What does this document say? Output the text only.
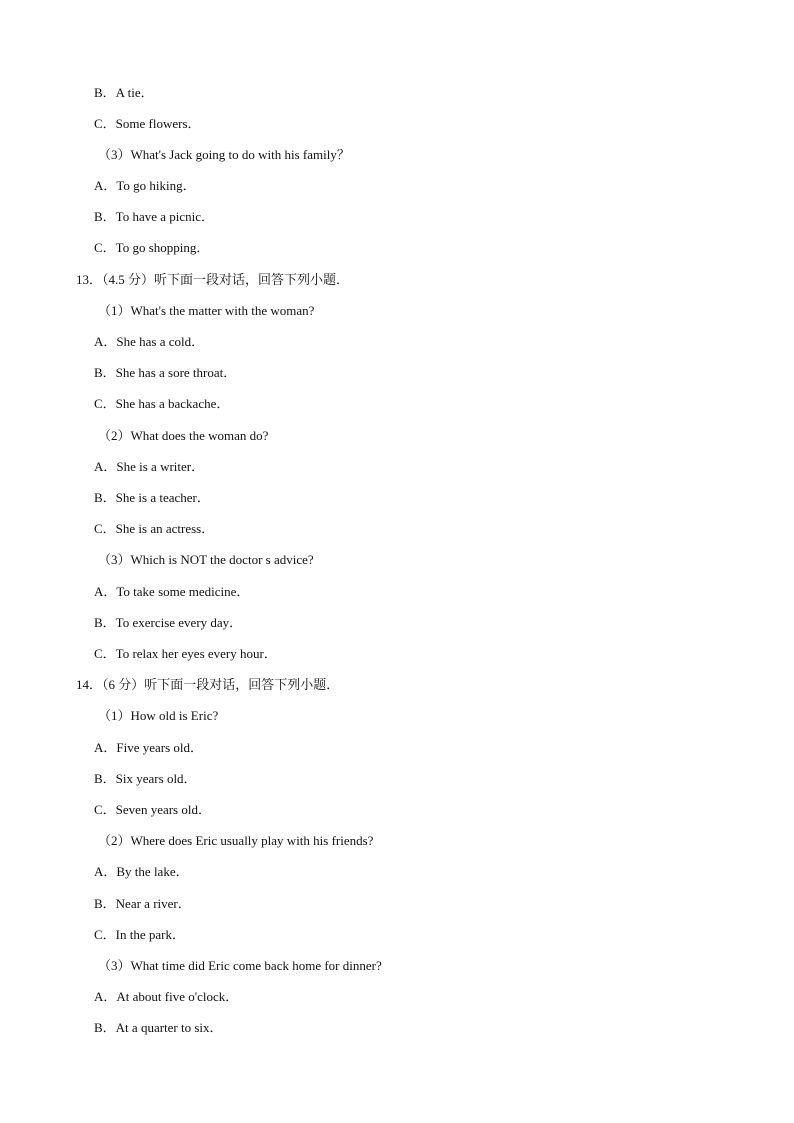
B．A tie．
C．Some flowers．
（3）What's Jack going to do with his family？
A．To go hiking．
B．To have a picnic．
C．To go shopping．
13．（4.5 分）听下面一段对话，回答下列小题．
（1）What's the matter with the woman?
A．She has a cold．
B．She has a sore throat．
C．She has a backache．
（2）What does the woman do?
A．She is a writer．
B．She is a teacher．
C．She is an actress．
（3）Which is NOT the doctor s advice?
A．To take some medicine．
B．To exercise every day．
C．To relax her eyes every hour．
14．（6 分）听下面一段对话，回答下列小题．
（1）How old is Eric?
A．Five years old．
B．Six years old．
C．Seven years old．
（2）Where does Eric usually play with his friends?
A．By the lake．
B．Near a river．
C．In the park．
（3）What time did Eric come back home for dinner?
A．At about five o'clock．
B．At a quarter to six．
